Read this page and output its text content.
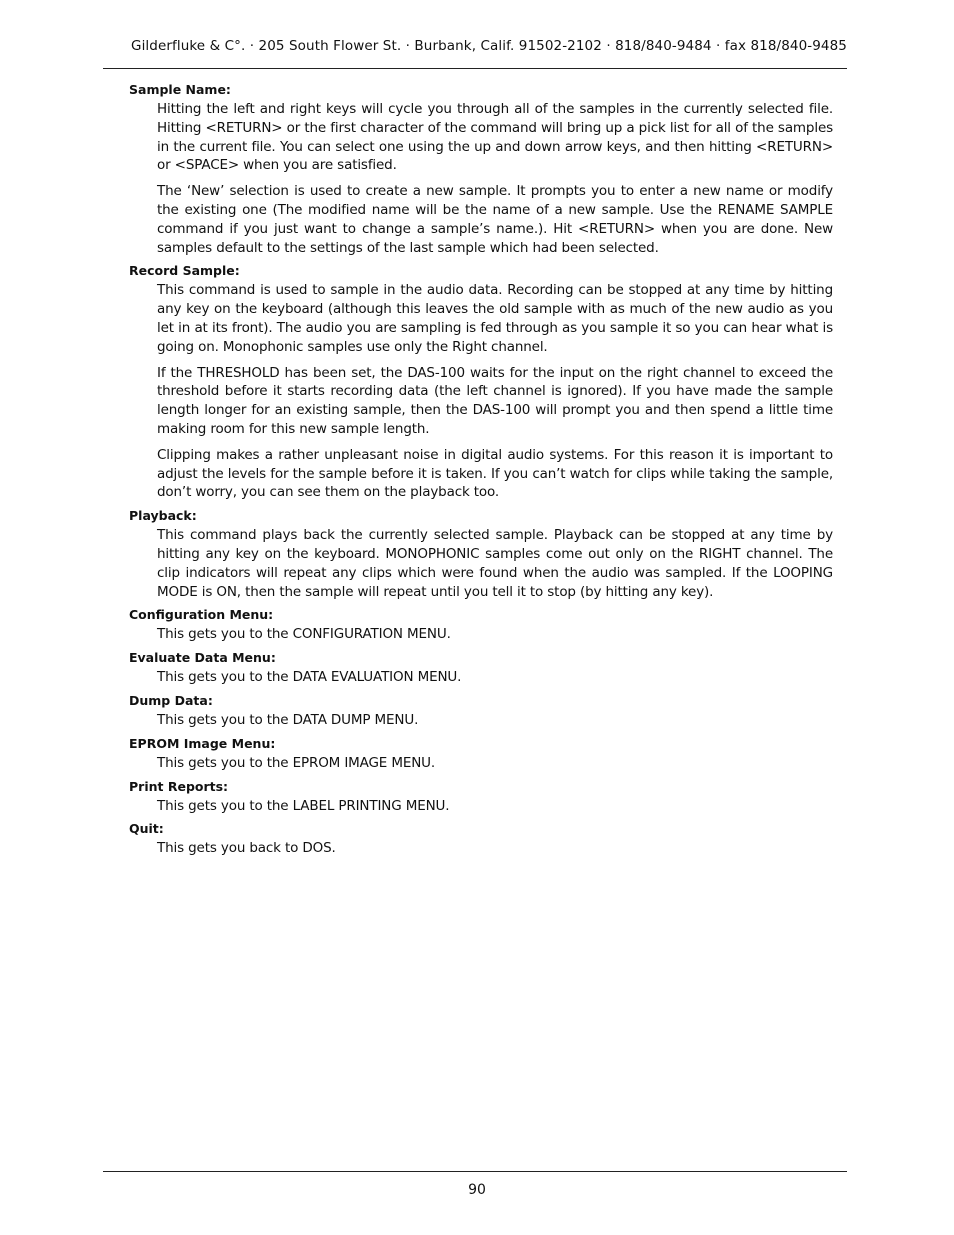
Gilderfluke & C°. · 205 South Flower St. · Burbank, Calif. 91502-2102 · 818/840-9484 · fax 818/840-9485
Sample Name:

Hitting the left and right keys will cycle you through all of the samples in the currently selected file. Hitting <RETURN> or the first character of the command will bring up a pick list for all of the samples in the current file. You can select one using the up and down arrow keys, and then hitting <RETURN> or <SPACE> when you are satisfied.

The ‘New’ selection is used to create a new sample. It prompts you to enter a new name or modify the existing one (The modified name will be the name of a new sample. Use the RENAME SAMPLE command if you just want to change a sample’s name.). Hit <RETURN> when you are done. New samples default to the settings of the last sample which had been selected.

Record Sample:

This command is used to sample in the audio data. Recording can be stopped at any time by hitting any key on the keyboard (although this leaves the old sample with as much of the new audio as you let in at its front). The audio you are sampling is fed through as you sample it so you can hear what is going on. Monophonic samples use only the Right channel.

If the THRESHOLD has been set, the DAS-100 waits for the input on the right channel to exceed the threshold before it starts recording data (the left channel is ignored). If you have made the sample length longer for an existing sample, then the DAS-100 will prompt you and then spend a little time making room for this new sample length.

Clipping makes a rather unpleasant noise in digital audio systems. For this reason it is important to adjust the levels for the sample before it is taken. If you can’t watch for clips while taking the sample, don’t worry, you can see them on the playback too.

Playback:

This command plays back the currently selected sample. Playback can be stopped at any time by hitting any key on the keyboard. MONOPHONIC samples come out only on the RIGHT channel. The clip indicators will repeat any clips which were found when the audio was sampled. If the LOOPING MODE is ON, then the sample will repeat until you tell it to stop (by hitting any key).

Configuration Menu:

This gets you to the CONFIGURATION MENU.

Evaluate Data Menu:

This gets you to the DATA EVALUATION MENU.

Dump Data:

This gets you to the DATA DUMP MENU.

EPROM Image Menu:

This gets you to the EPROM IMAGE MENU.

Print Reports:

This gets you to the LABEL PRINTING MENU.

Quit:

This gets you back to DOS.

90
